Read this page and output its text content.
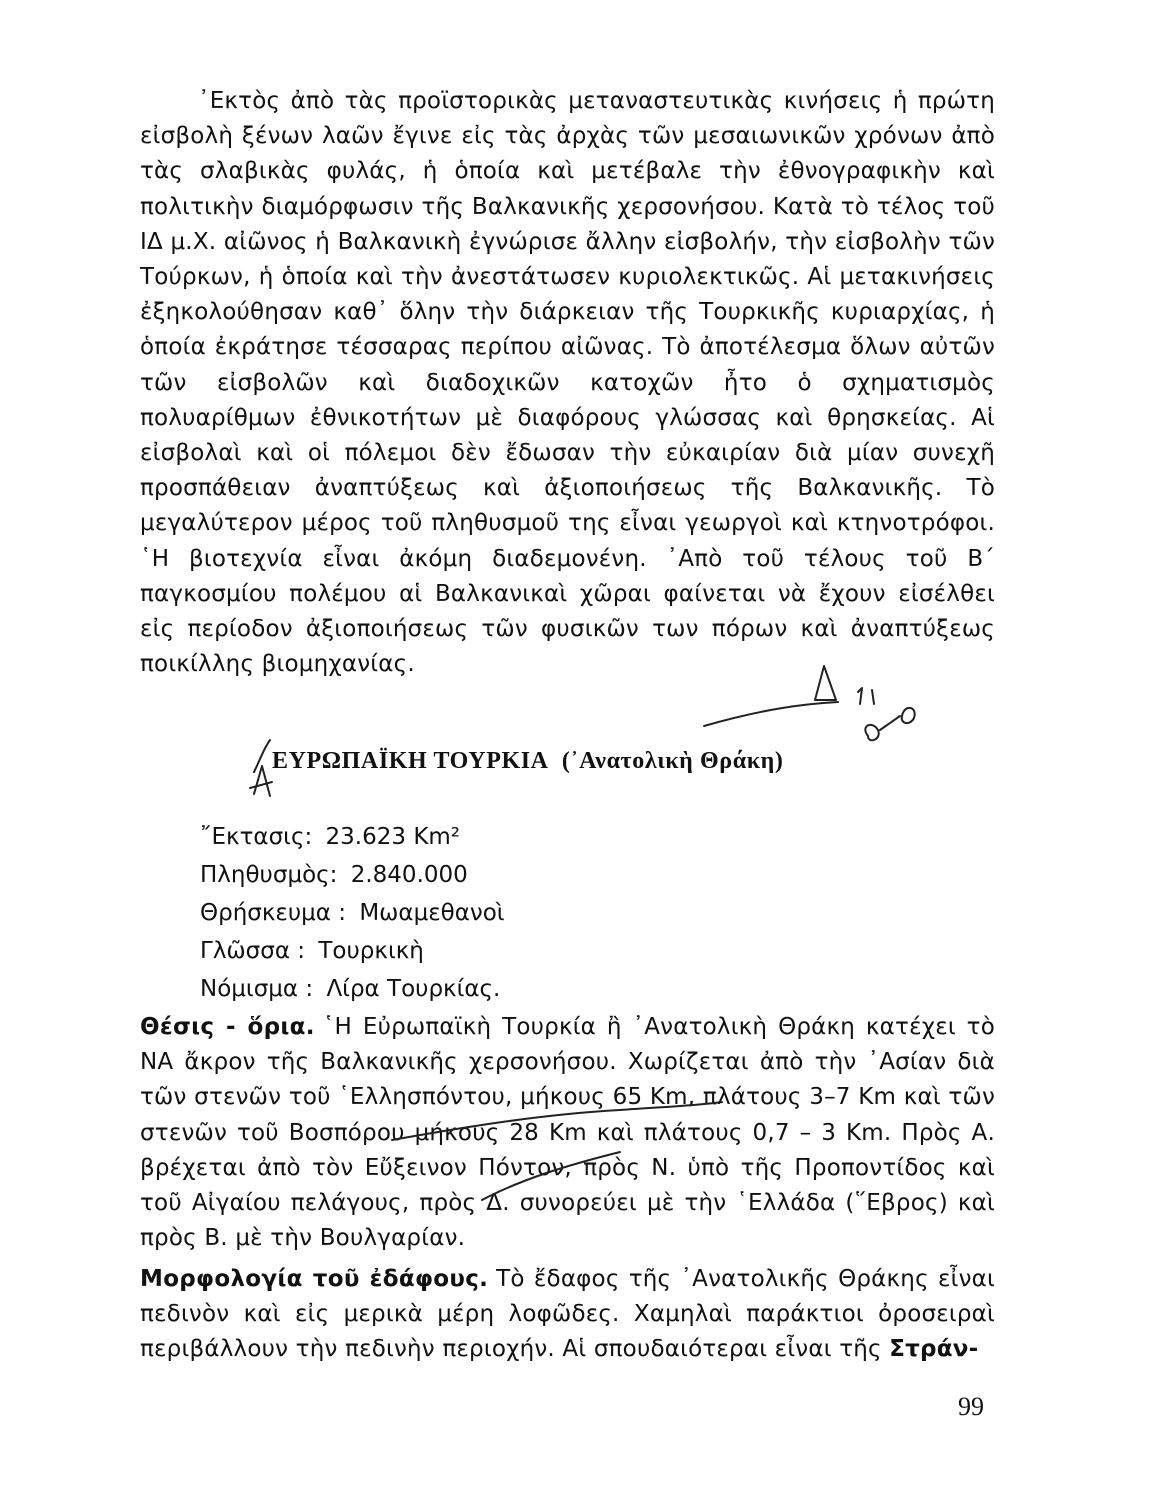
᾿Εκτὸς ἀπὸ τὰς προϊστορικὰς μεταναστευτικὰς κινήσεις ἡ πρώτη εἰσβολὴ ξένων λαῶν ἔγινε εἰς τὰς ἀρχὰς τῶν μεσαιωνικῶν χρόνων ἀπὸ τὰς σλαβικὰς φυλάς, ἡ ὁποία καὶ μετέβαλε τὴν ἐθνογραφικὴν καὶ πολιτικὴν διαμόρφωσιν τῆς Βαλκανικῆς χερσονήσου. Κατὰ τὸ τέλος τοῦ ΙΔ μ.Χ. αἰῶνος ἡ Βαλκανικὴ ἐγνώρισε ἄλλην εἰσβολήν, τὴν εἰσβολὴν τῶν Τούρκων, ἡ ὁποία καὶ τὴν ἀνεστάτωσεν κυριολεκτικῶς. Αἱ μετακινήσεις ἐξηκολούθησαν καθ᾿ ὅλην τὴν διάρκειαν τῆς Τουρκικῆς κυριαρχίας, ἡ ὁποία ἐκράτησε τέσσαρας περίπου αἰῶνας. Τὸ ἀποτέλεσμα ὅλων αὐτῶν τῶν εἰσβολῶν καὶ διαδοχικῶν κατοχῶν ἦτο ὁ σχηματισμὸς πολυαρίθμων ἐθνικοτήτων μὲ διαφόρους γλώσσας καὶ θρησκείας. Αἱ εἰσβολαὶ καὶ οἱ πόλεμοι δὲν ἔδωσαν τὴν εὐκαιρίαν διὰ μίαν συνεχῆ προσπάθειαν ἀναπτύξεως καὶ ἀξιοποιήσεως τῆς Βαλκανικῆς. Τὸ μεγαλύτερον μέρος τοῦ πληθυσμοῦ της εἶναι γεωργοὶ καὶ κτηνοτρόφοι. ῾Η βιοτεχνία εἶναι ἀκόμη διαδεμονένη. ᾿Απὸ τοῦ τέλους τοῦ Β΄ παγκοσμίου πολέμου αἱ Βαλκανικαὶ χῶραι φαίνεται νὰ ἔχουν εἰσέλθει εἰς περίοδον ἀξιοποιήσεως τῶν φυσικῶν των πόρων καὶ ἀναπτύξεως ποικίλλης βιομηχανίας.

ΕΥΡΩΠΑΪΚΗ ΤΟΥΡΚΙΑ (᾿Ανατολικὴ Θράκη)
῎Εκτασις: 23.623 Km²
Πληθυσμὸς: 2.840.000
Θρήσκευμα : Μωαμεθανοὶ
Γλῶσσα : Τουρκικὴ
Νόμισμα : Λίρα Τουρκίας.

Θέσις - ὅρια. ῾Η Εὐρωπαϊκὴ Τουρκία ἢ ᾿Ανατολικὴ Θράκη κατέχει τὸ ΝΑ ἄκρον τῆς Βαλκανικῆς χερσονήσου. Χωρίζεται ἀπὸ τὴν ᾿Ασίαν διὰ τῶν στενῶν τοῦ ῾Ελλησπόντου, μήκους 65 Km, πλάτους 3–7 Km καὶ τῶν στενῶν τοῦ Βοσπόρου μήκους 28 Km καὶ πλάτους 0,7 – 3 Km. Πρὸς Α. βρέχεται ἀπὸ τὸν Εὔξεινον Πόντον, πρὸς Ν. ὑπὸ τῆς Προποντίδος καὶ τοῦ Αἰγαίου πελάγους, πρὸς Δ. συνορεύει μὲ τὴν ῾Ελλάδα (῞Εβρος) καὶ πρὸς Β. μὲ τὴν Βουλγαρίαν.

Μορφολογία τοῦ ἐδάφους. Τὸ ἔδαφος τῆς ᾿Ανατολικῆς Θράκης εἶναι πεδινὸν καὶ εἰς μερικὰ μέρη λοφῶδες. Χαμηλαὶ παράκτιοι ὀροσειραὶ περιβάλλουν τὴν πεδινὴν περιοχήν. Αἱ σπουδαιότεραι εἶναι τῆς Στράν-

99
